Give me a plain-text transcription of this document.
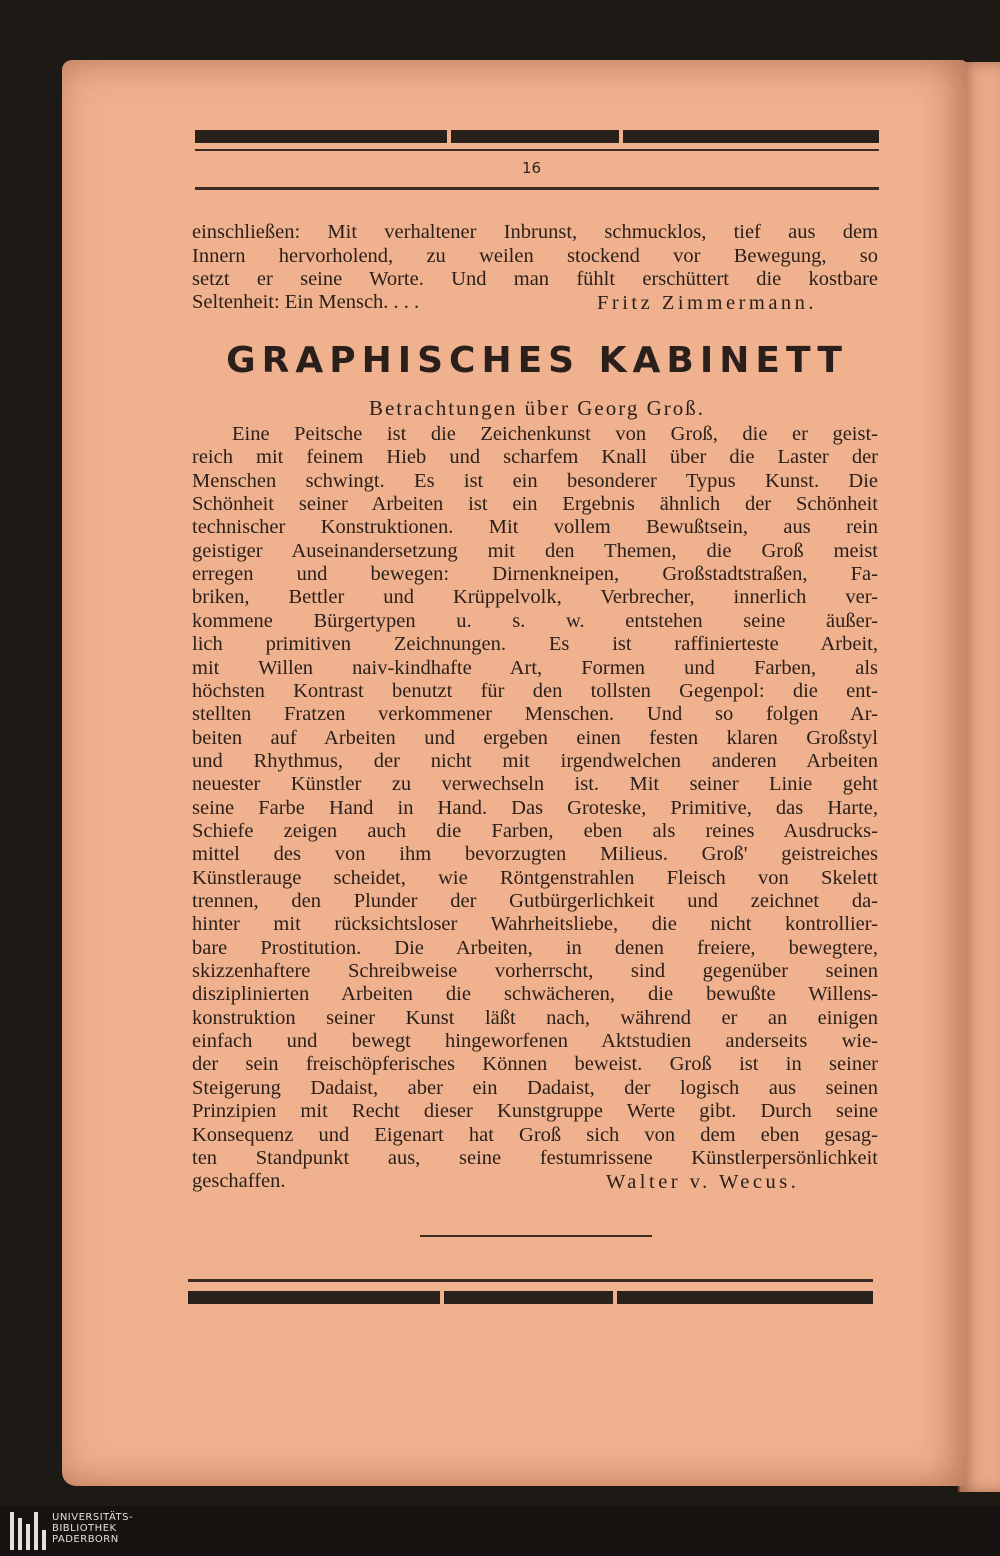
16
einschließen: Mit verhaltener Inbrunst, schmucklos, tief aus dem
Innern hervorholend, zu weilen stockend vor Bewegung, so
setzt er seine Worte. Und man fühlt erschüttert die kostbare
Seltenheit: Ein Mensch. . . .	Fritz Zimmermann.
GRAPHISCHES KABINETT
Betrachtungen über Georg Groß.
Eine Peitsche ist die Zeichenkunst von Groß, die er geist-
reich mit feinem Hieb und scharfem Knall über die Laster der
Menschen schwingt. Es ist ein besonderer Typus Kunst. Die
Schönheit seiner Arbeiten ist ein Ergebnis ähnlich der Schönheit
technischer Konstruktionen. Mit vollem Bewußtsein, aus rein
geistiger Auseinandersetzung mit den Themen, die Groß meist
erregen und bewegen: Dirnenkneipen, Großstadtstraßen, Fa-
briken, Bettler und Krüppelvolk, Verbrecher, innerlich ver-
kommene Bürgertypen u. s. w. entstehen seine äußer-
lich primitiven Zeichnungen. Es ist raffinierteste Arbeit,
mit Willen naiv-kindhafte Art, Formen und Farben, als
höchsten Kontrast benutzt für den tollsten Gegenpol: die ent-
stellten Fratzen verkommener Menschen. Und so folgen Ar-
beiten auf Arbeiten und ergeben einen festen klaren Großstyl
und Rhythmus, der nicht mit irgendwelchen anderen Arbeiten
neuester Künstler zu verwechseln ist. Mit seiner Linie geht
seine Farbe Hand in Hand. Das Groteske, Primitive, das Harte,
Schiefe zeigen auch die Farben, eben als reines Ausdrucks-
mittel des von ihm bevorzugten Milieus. Groß' geistreiches
Künstlerauge scheidet, wie Röntgenstrahlen Fleisch von Skelett
trennen, den Plunder der Gutbürgerlichkeit und zeichnet da-
hinter mit rücksichtsloser Wahrheitsliebe, die nicht kontrollier-
bare Prostitution. Die Arbeiten, in denen freiere, bewegtere,
skizzenhaftere Schreibweise vorherrscht, sind gegenüber seinen
disziplinierten Arbeiten die schwächeren, die bewußte Willens-
konstruktion seiner Kunst läßt nach, während er an einigen
einfach und bewegt hingeworfenen Aktstudien anderseits wie-
der sein freischöpferisches Können beweist. Groß ist in seiner
Steigerung Dadaist, aber ein Dadaist, der logisch aus seinen
Prinzipien mit Recht dieser Kunstgruppe Werte gibt. Durch seine
Konsequenz und Eigenart hat Groß sich von dem eben gesag-
ten Standpunkt aus, seine festumrissene Künstlerpersönlichkeit
geschaffen.	Walter v. Wecus.
UNIVERSITÄTS-
BIBLIOTHEK
PADERBORN
